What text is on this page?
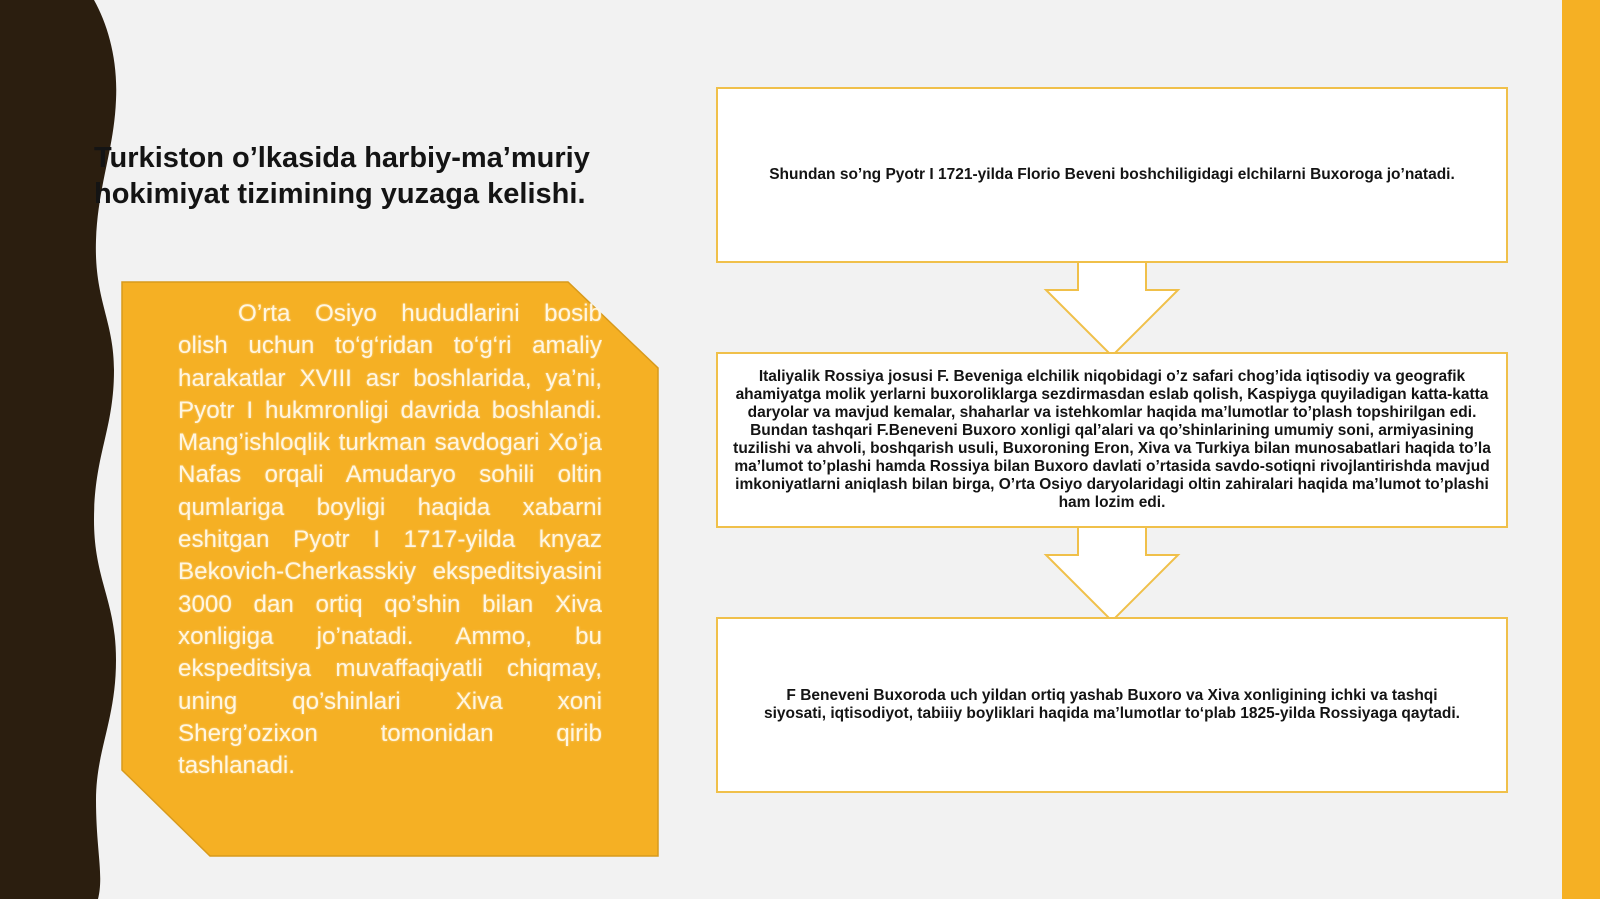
Turkiston o’lkasida harbiy-ma’muriy hokimiyat tizimining yuzaga kelishi.
O’rta Osiyo hududlarini bosib olish uchun to‘g‘ridan to‘g‘ri amaliy harakatlar XVIII asr boshlarida, ya’ni, Pyotr I hukmronligi davrida boshlandi. Mang’ishloqlik turkman savdogari Xo’ja Nafas orqali Amudaryo sohili oltin qumlariga boyligi haqida xabarni eshitgan Pyotr I 1717-yilda knyaz Bekovich-Cherkasskiy ekspeditsiyasini 3000 dan ortiq qo’shin bilan Xiva xonligiga jo’natadi. Ammo, bu ekspeditsiya muvaffaqiyatli chiqmay, uning qo’shinlari Xiva xoni Sherg’ozixon tomonidan qirib tashlanadi.
Shundan so’ng Pyotr I 1721-yilda Florio Beveni boshchiligidagi elchilarni Buxoroga jo’natadi.
Italiyalik Rossiya josusi F. Beveniga elchilik niqobidagi o’z safari chog’ida iqtisodiy va geografik ahamiyatga molik yerlarni buxoroliklarga sezdirmasdan eslab qolish, Kaspiyga quyiladigan katta-katta daryolar va mavjud kemalar, shaharlar va istehkomlar haqida ma’lumotlar to’plash topshirilgan edi. Bundan tashqari F.Beneveni Buxoro xonligi qal’alari va qo’shinlarining umumiy soni, armiyasining tuzilishi va ahvoli, boshqarish usuli, Buxoroning Eron, Xiva va Turkiya bilan munosabatlari haqida to’la ma’lumot to’plashi hamda Rossiya bilan Buxoro davlati o’rtasida savdo-sotiqni rivojlantirishda mavjud imkoniyatlarni aniqlash bilan birga, O’rta Osiyo daryolaridagi oltin zahiralari haqida ma’lumot to’plashi ham lozim edi.
F Beneveni Buxoroda uch yildan ortiq yashab Buxoro va Xiva xonligining ichki va tashqi siyosati, iqtisodiyot, tabiiiy boyliklari haqida ma’lumotlar to‘plab 1825-yilda Rossiyaga qaytadi.
